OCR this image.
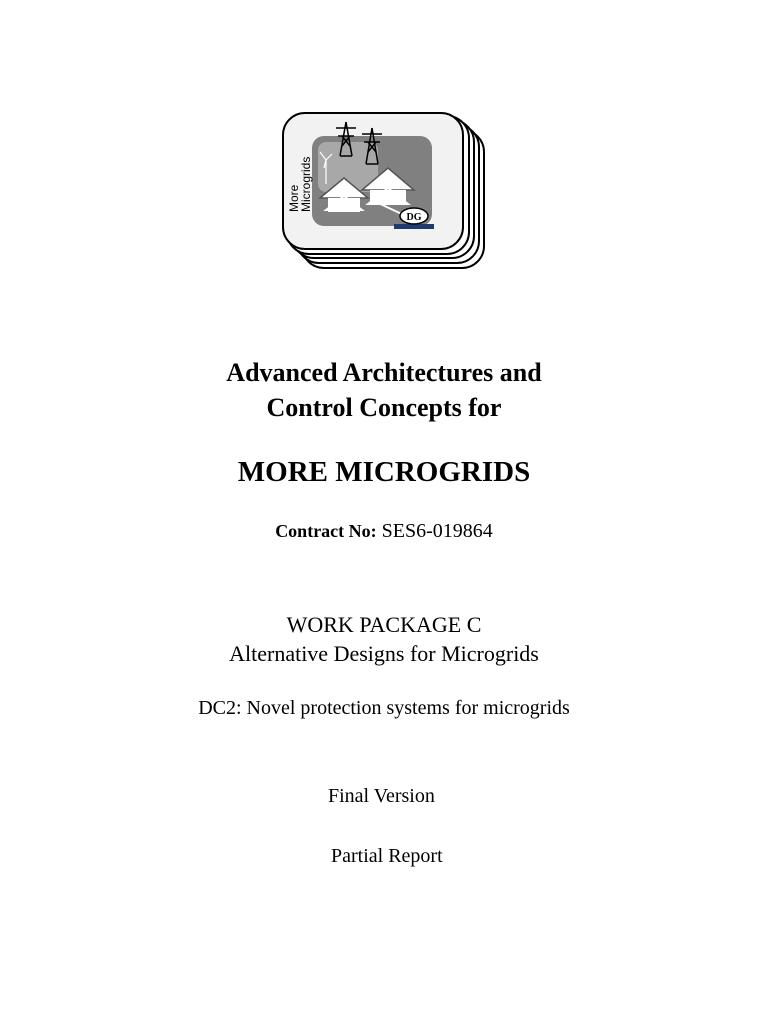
DG
More
Microgrids

Advanced Architectures and

Control Concepts for

MORE MICROGRIDS
Contract No: SES6-019864
WORK PACKAGE C
Alternative Designs for Microgrids
DC2: Novel protection systems for microgrids
Final Version
Partial Report
